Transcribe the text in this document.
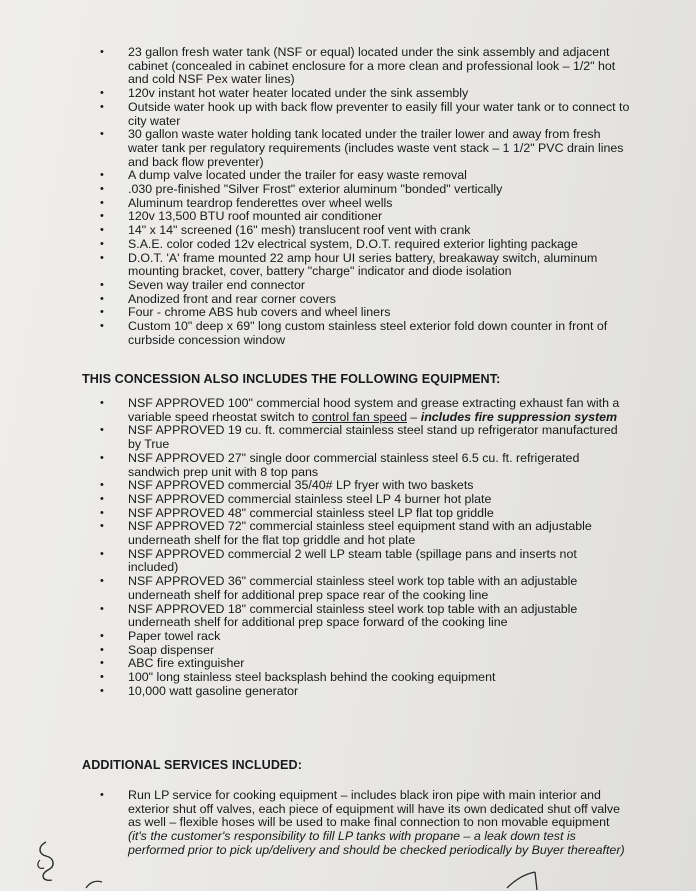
• 23 gallon fresh water tank (NSF or equal) located under the sink assembly and adjacent cabinet (concealed in cabinet enclosure for a more clean and professional look – 1/2" hot and cold NSF Pex water lines)
• 120v instant hot water heater located under the sink assembly
• Outside water hook up with back flow preventer to easily fill your water tank or to connect to city water
• 30 gallon waste water holding tank located under the trailer lower and away from fresh water tank per regulatory requirements (includes waste vent stack – 1 1/2" PVC drain lines and back flow preventer)
• A dump valve located under the trailer for easy waste removal
• .030 pre-finished "Silver Frost" exterior aluminum "bonded" vertically
• Aluminum teardrop fenderettes over wheel wells
• 120v 13,500 BTU roof mounted air conditioner
• 14" x 14" screened (16" mesh) translucent roof vent with crank
• S.A.E. color coded 12v electrical system, D.O.T. required exterior lighting package
• D.O.T. 'A' frame mounted 22 amp hour UI series battery, breakaway switch, aluminum mounting bracket, cover, battery "charge" indicator and diode isolation
• Seven way trailer end connector
• Anodized front and rear corner covers
• Four - chrome ABS hub covers and wheel liners
• Custom 10" deep x 69" long custom stainless steel exterior fold down counter in front of curbside concession window
THIS CONCESSION ALSO INCLUDES THE FOLLOWING EQUIPMENT:
• NSF APPROVED 100" commercial hood system and grease extracting exhaust fan with a variable speed rheostat switch to control fan speed – includes fire suppression system
• NSF APPROVED 19 cu. ft. commercial stainless steel stand up refrigerator manufactured by True
• NSF APPROVED 27" single door commercial stainless steel 6.5 cu. ft. refrigerated sandwich prep unit with 8 top pans
• NSF APPROVED commercial 35/40# LP fryer with two baskets
• NSF APPROVED commercial stainless steel LP 4 burner hot plate
• NSF APPROVED 48" commercial stainless steel LP flat top griddle
• NSF APPROVED 72" commercial stainless steel equipment stand with an adjustable underneath shelf for the flat top griddle and hot plate
• NSF APPROVED commercial 2 well LP steam table (spillage pans and inserts not included)
• NSF APPROVED 36" commercial stainless steel work top table with an adjustable underneath shelf for additional prep space rear of the cooking line
• NSF APPROVED 18" commercial stainless steel work top table with an adjustable underneath shelf for additional prep space forward of the cooking line
• Paper towel rack
• Soap dispenser
• ABC fire extinguisher
• 100" long stainless steel backsplash behind the cooking equipment
• 10,000 watt gasoline generator
ADDITIONAL SERVICES INCLUDED:
• Run LP service for cooking equipment – includes black iron pipe with main interior and exterior shut off valves, each piece of equipment will have its own dedicated shut off valve as well – flexible hoses will be used to make final connection to non movable equipment (it's the customer's responsibility to fill LP tanks with propane – a leak down test is performed prior to pick up/delivery and should be checked periodically by Buyer thereafter)
